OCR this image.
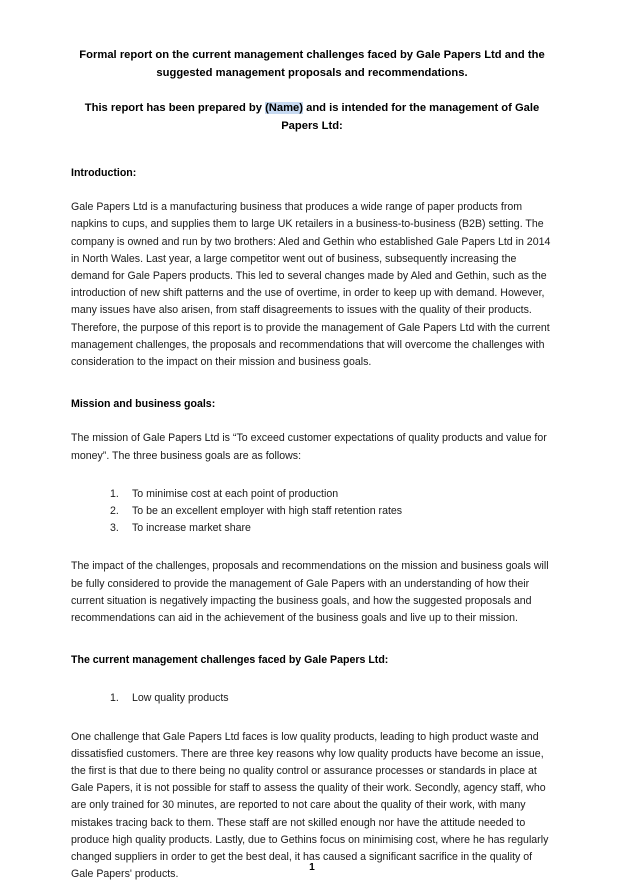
Formal report on the current management challenges faced by Gale Papers Ltd and the suggested management proposals and recommendations.

This report has been prepared by (Name) and is intended for the management of Gale Papers Ltd:

Introduction:

Gale Papers Ltd is a manufacturing business that produces a wide range of paper products from napkins to cups, and supplies them to large UK retailers in a business-to-business (B2B) setting. The company is owned and run by two brothers: Aled and Gethin who established Gale Papers Ltd in 2014 in North Wales. Last year, a large competitor went out of business, subsequently increasing the demand for Gale Papers products. This led to several changes made by Aled and Gethin, such as the introduction of new shift patterns and the use of overtime, in order to keep up with demand. However, many issues have also arisen, from staff disagreements to issues with the quality of their products. Therefore, the purpose of this report is to provide the management of Gale Papers Ltd with the current management challenges, the proposals and recommendations that will overcome the challenges with consideration to the impact on their mission and business goals.

Mission and business goals:

The mission of Gale Papers Ltd is “To exceed customer expectations of quality products and value for money”. The three business goals are as follows:

To minimise cost at each point of production
To be an excellent employer with high staff retention rates
To increase market share

The impact of the challenges, proposals and recommendations on the mission and business goals will be fully considered to provide the management of Gale Papers with an understanding of how their current situation is negatively impacting the business goals, and how the suggested proposals and recommendations can aid in the achievement of the business goals and live up to their mission.

The current management challenges faced by Gale Papers Ltd:
Low quality products

One challenge that Gale Papers Ltd faces is low quality products, leading to high product waste and dissatisfied customers. There are three key reasons why low quality products have become an issue, the first is that due to there being no quality control or assurance processes or standards in place at Gale Papers, it is not possible for staff to assess the quality of their work. Secondly, agency staff, who are only trained for 30 minutes, are reported to not care about the quality of their work, with many mistakes tracing back to them. These staff are not skilled enough nor have the attitude needed to produce high quality products. Lastly, due to Gethins focus on minimising cost, where he has regularly changed suppliers in order to get the best deal, it has caused a significant sacrifice in the quality of Gale Papers' products.

1
